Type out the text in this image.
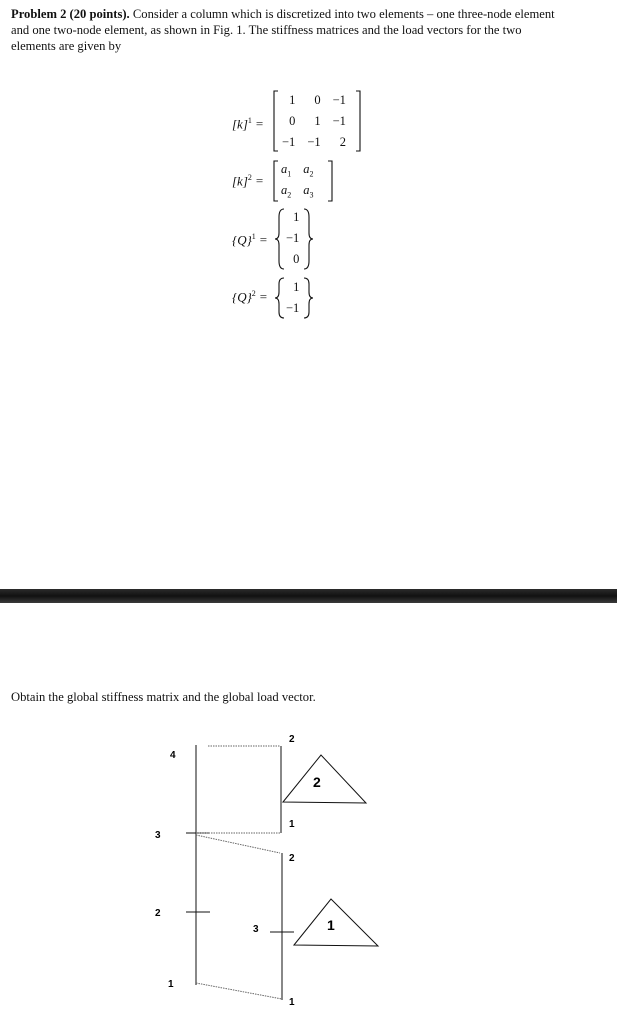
Problem 2 (20 points). Consider a column which is discretized into two elements – one three-node element
and one two-node element, as shown in Fig. 1. The stiffness matrices and the load vectors for the two
elements are given by
$[k]^1$ =
1	0	−1
0	1	−1
−1	−1	2
$[k]^2$ =
$a_1$	$a_2$
$a_2$	$a_3$
$\{Q\}^1$ =
1
−1
0
$\{Q\}^2$ =
1
−1
Obtain the global stiffness matrix and the global load vector.
4
3
2
1
2
1
2
3
1
2
1
